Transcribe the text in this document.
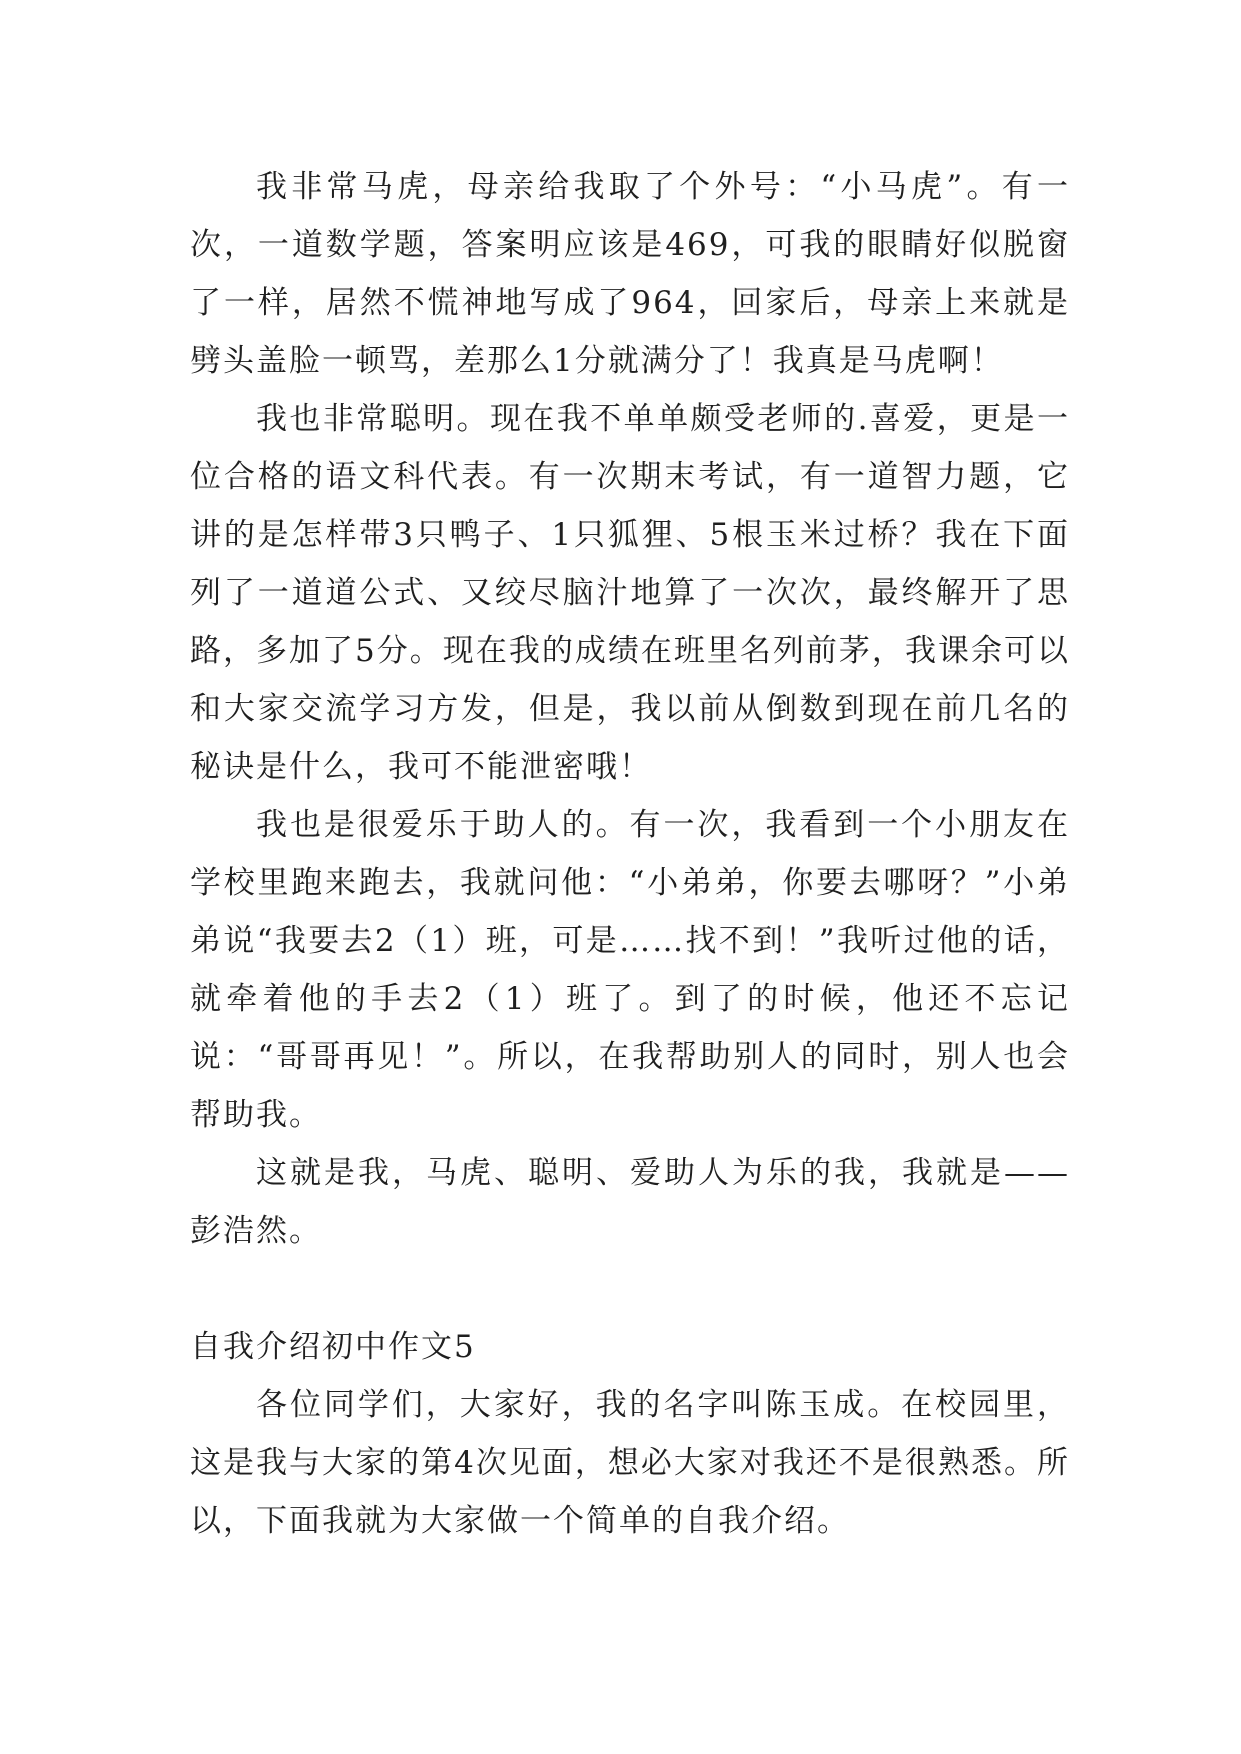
我非常马虎，母亲给我取了个外号：“小马虎”。有一次，一道数学题，答案明应该是469，可我的眼睛好似脱窗了一样，居然不慌神地写成了964，回家后，母亲上来就是劈头盖脸一顿骂，差那么1分就满分了！我真是马虎啊！

我也非常聪明。现在我不单单颇受老师的.喜爱，更是一位合格的语文科代表。有一次期末考试，有一道智力题，它讲的是怎样带3只鸭子、1只狐狸、5根玉米过桥？我在下面列了一道道公式、又绞尽脑汁地算了一次次，最终解开了思路，多加了5分。现在我的成绩在班里名列前茅，我课余可以和大家交流学习方发，但是，我以前从倒数到现在前几名的秘诀是什么，我可不能泄密哦！

我也是很爱乐于助人的。有一次，我看到一个小朋友在学校里跑来跑去，我就问他：“小弟弟，你要去哪呀？”小弟弟说“我要去2（1）班，可是……找不到！”我听过他的话，就牵着他的手去2（1）班了。到了的时候，他还不忘记说：“哥哥再见！”。所以，在我帮助别人的同时，别人也会帮助我。

这就是我，马虎、聪明、爱助人为乐的我，我就是——彭浩然。

自我介绍初中作文5

各位同学们，大家好，我的名字叫陈玉成。在校园里，这是我与大家的第4次见面，想必大家对我还不是很熟悉。所以，下面我就为大家做一个简单的自我介绍。
